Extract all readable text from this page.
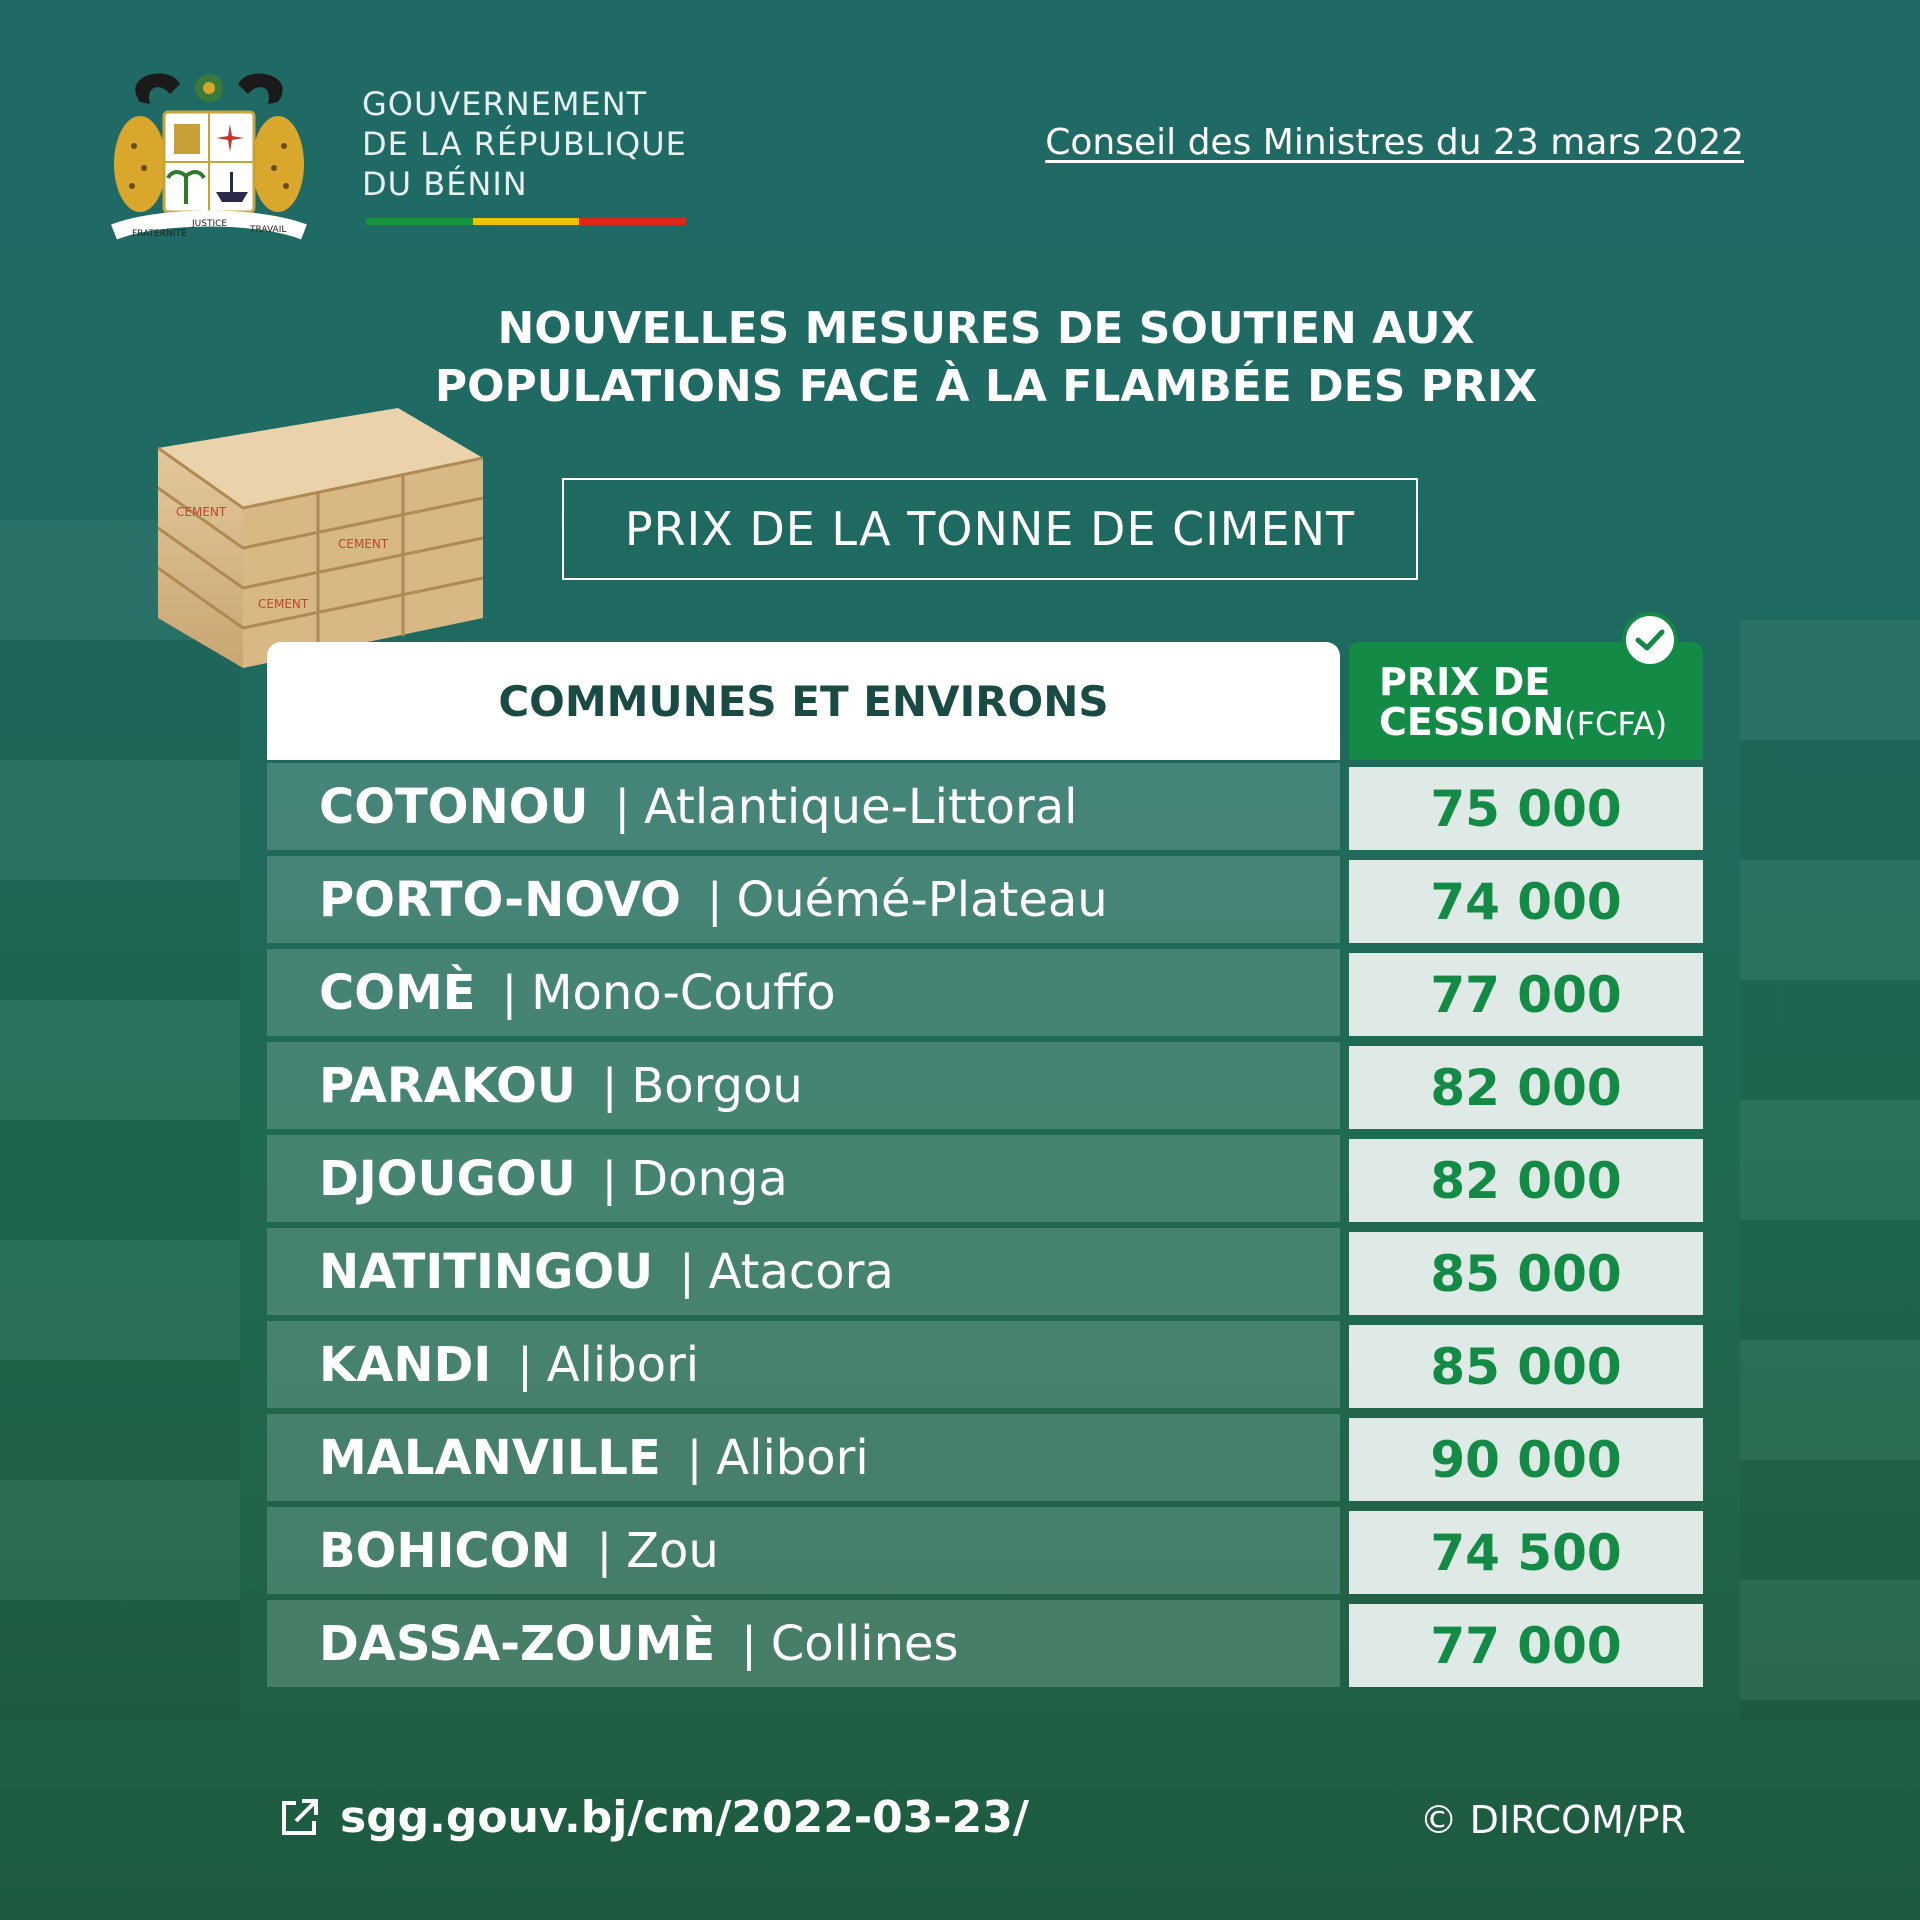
FRATERNITÉ
JUSTICE
TRAVAIL
GOUVERNEMENT
DE LA RÉPUBLIQUE
DU BÉNIN
Conseil des Ministres du 23 mars 2022
NOUVELLES MESURES DE SOUTIEN AUX
POPULATIONS FACE À LA FLAMBÉE DES PRIX
CEMENT
CEMENT
CEMENT
PRIX DE LA TONNE DE CIMENT
COMMUNES ET ENVIRONS	PRIX DE
CESSION(FCFA)
COTONOU | Atlantique-Littoral	75 000
PORTO-NOVO | Ouémé-Plateau	74 000
COMÈ | Mono-Couffo	77 000
PARAKOU | Borgou	82 000
DJOUGOU | Donga	82 000
NATITINGOU | Atacora	85 000
KANDI | Alibori	85 000
MALANVILLE | Alibori	90 000
BOHICON | Zou	74 500
DASSA-ZOUMÈ | Collines	77 000
sgg.gouv.bj/cm/2022-03-23/	© DIRCOM/PR
